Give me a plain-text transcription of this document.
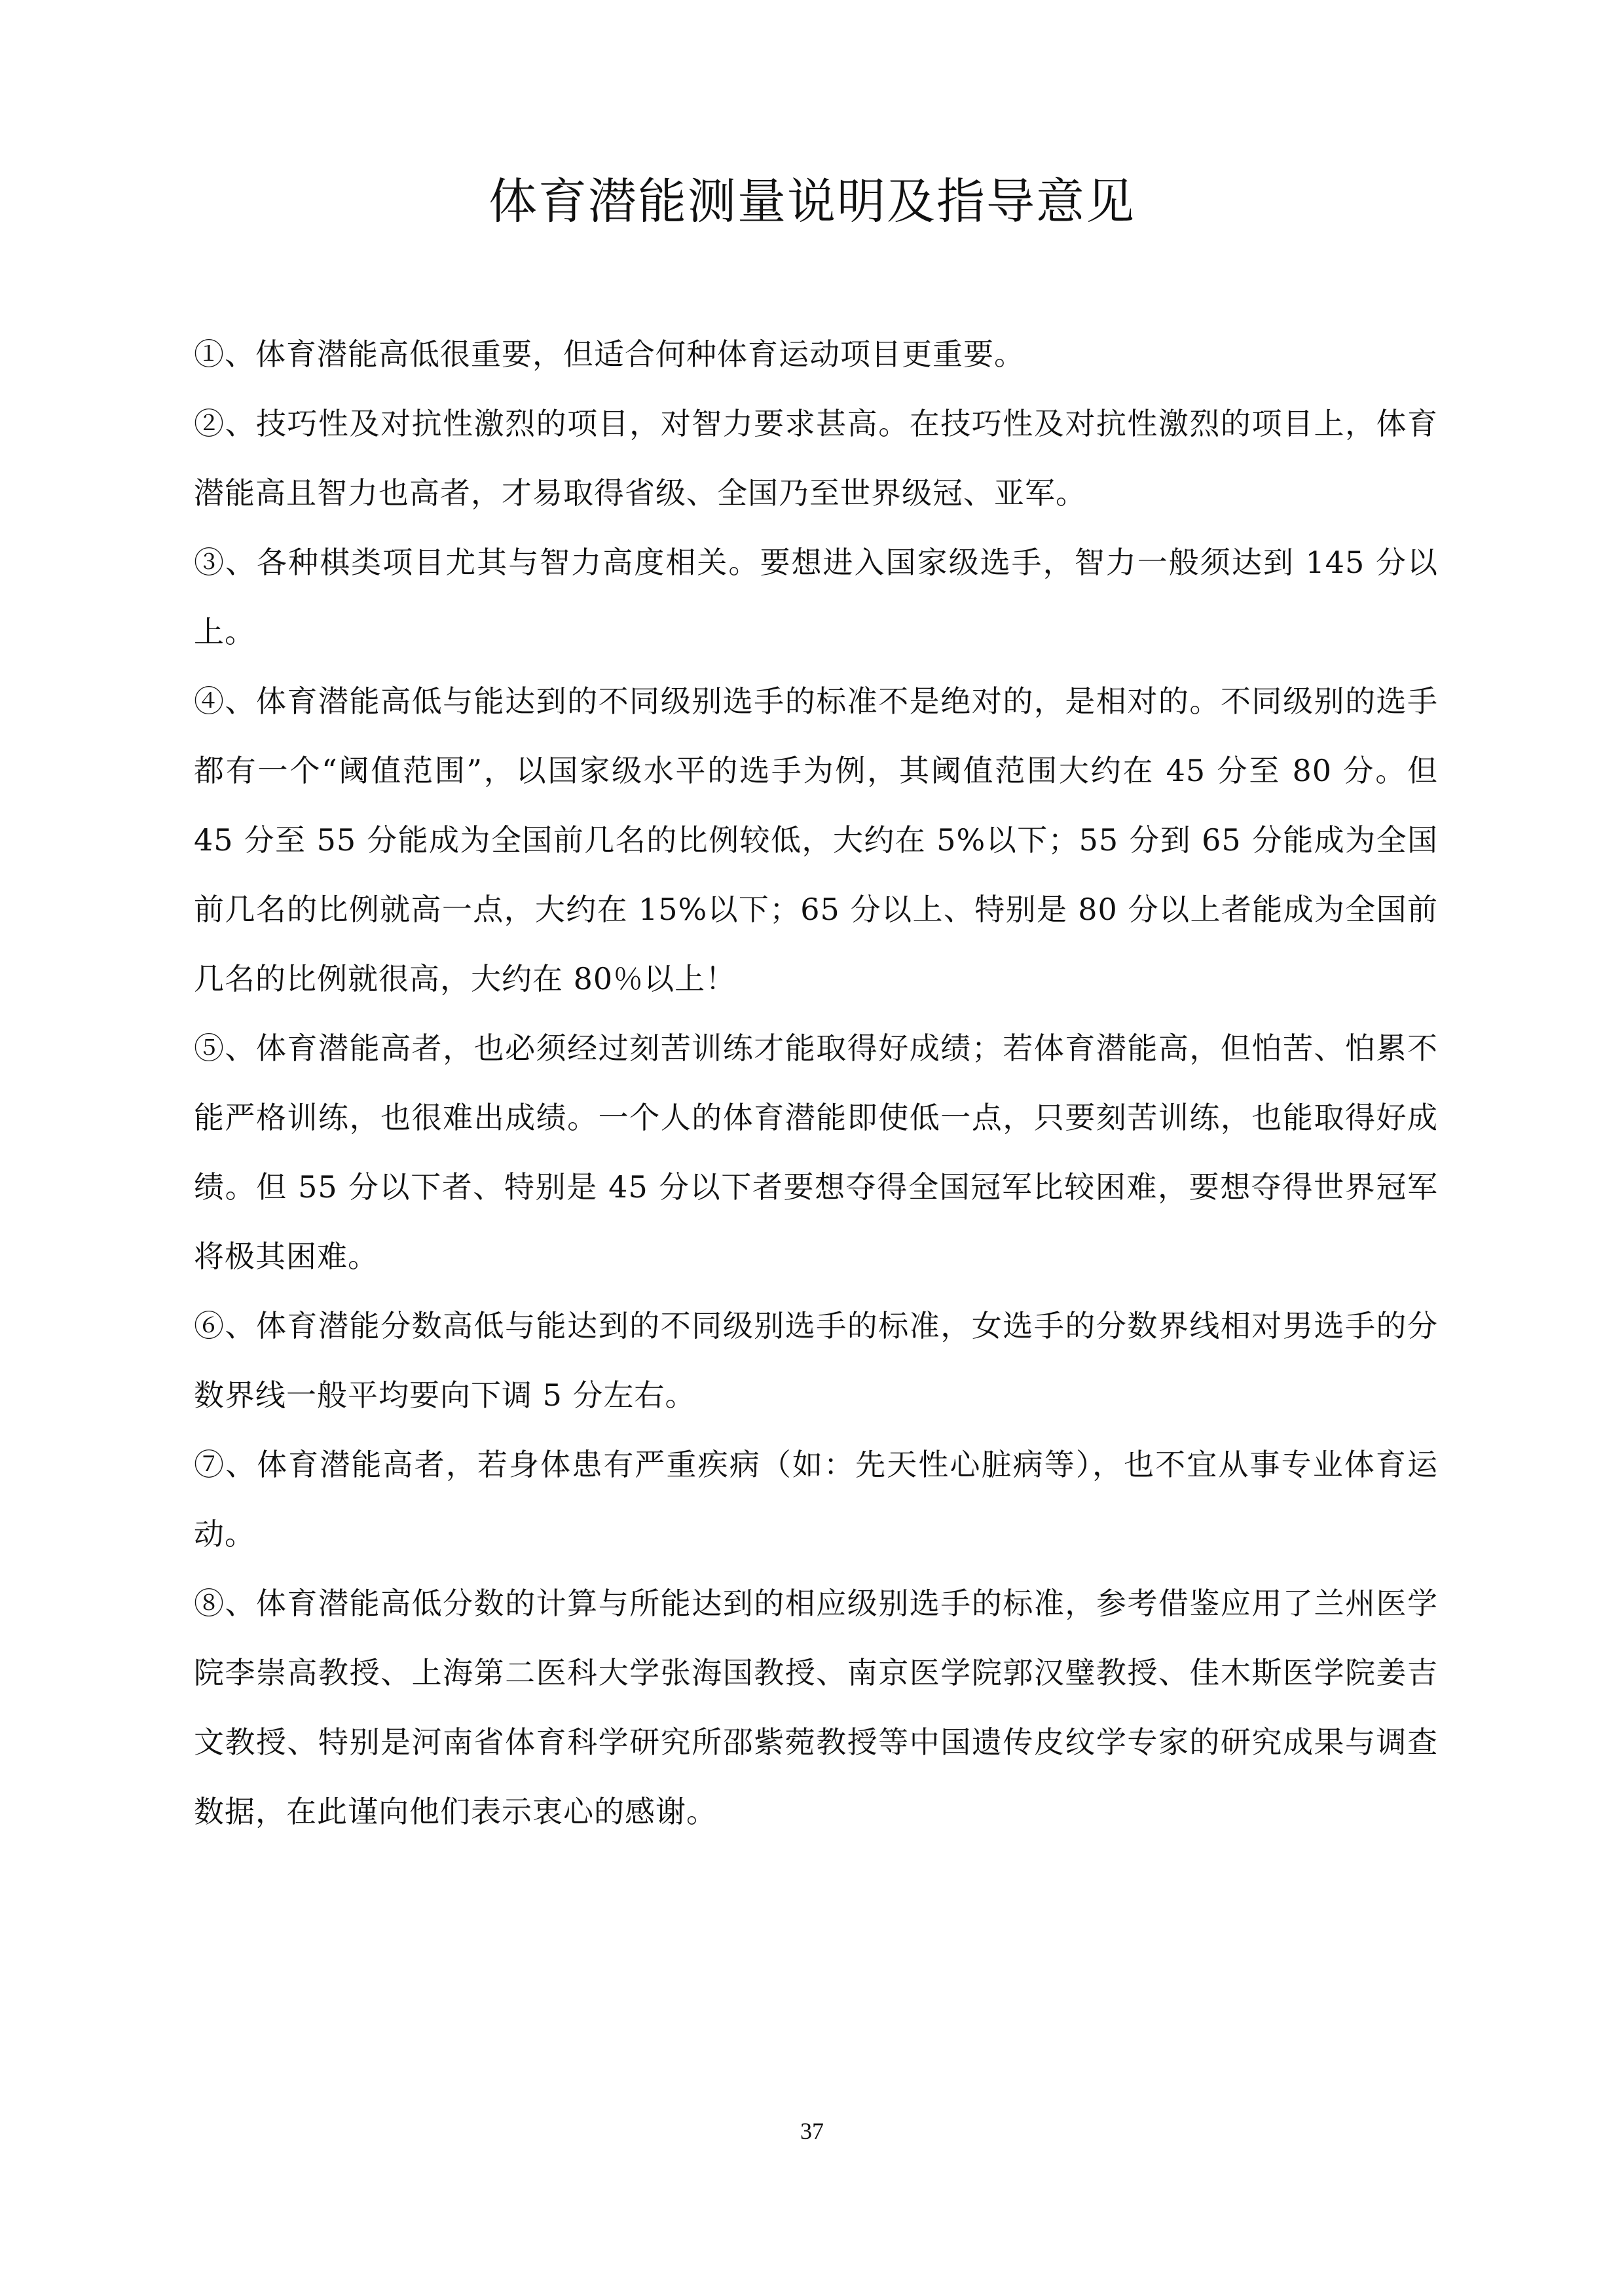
体育潜能测量说明及指导意见

①、体育潜能高低很重要，但适合何种体育运动项目更重要。

②、技巧性及对抗性激烈的项目，对智力要求甚高。在技巧性及对抗性激烈的项目上，体育潜能高且智力也高者，才易取得省级、全国乃至世界级冠、亚军。

③、各种棋类项目尤其与智力高度相关。要想进入国家级选手，智力一般须达到 145 分以上。

④、体育潜能高低与能达到的不同级别选手的标准不是绝对的，是相对的。不同级别的选手都有一个“阈值范围”，以国家级水平的选手为例，其阈值范围大约在 45 分至 80 分。但 45 分至 55 分能成为全国前几名的比例较低，大约在 5%以下；55 分到 65 分能成为全国前几名的比例就高一点，大约在 15%以下；65 分以上、特别是 80 分以上者能成为全国前几名的比例就很高，大约在 80％以上！

⑤、体育潜能高者，也必须经过刻苦训练才能取得好成绩；若体育潜能高，但怕苦、怕累不能严格训练，也很难出成绩。一个人的体育潜能即使低一点，只要刻苦训练，也能取得好成绩。但 55 分以下者、特别是 45 分以下者要想夺得全国冠军比较困难，要想夺得世界冠军将极其困难。

⑥、体育潜能分数高低与能达到的不同级别选手的标准，女选手的分数界线相对男选手的分数界线一般平均要向下调 5 分左右。

⑦、体育潜能高者，若身体患有严重疾病（如：先天性心脏病等），也不宜从事专业体育运动。

⑧、体育潜能高低分数的计算与所能达到的相应级别选手的标准，参考借鉴应用了兰州医学院李崇高教授、上海第二医科大学张海国教授、南京医学院郭汉璧教授、佳木斯医学院姜吉文教授、特别是河南省体育科学研究所邵紫菀教授等中国遗传皮纹学专家的研究成果与调查数据，在此谨向他们表示衷心的感谢。

37
